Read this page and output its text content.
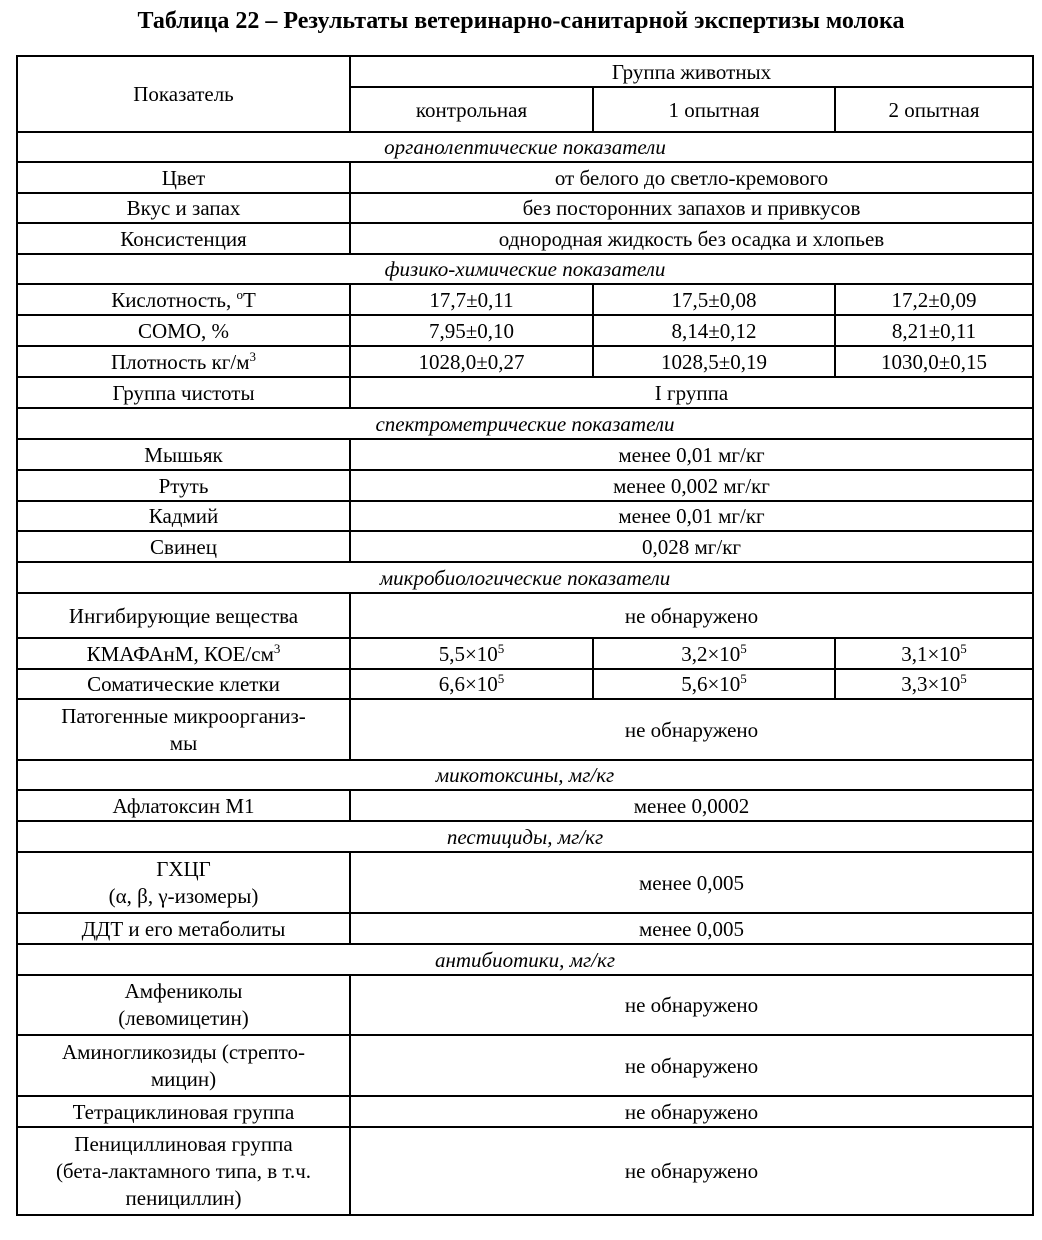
Таблица 22 – Результаты ветеринарно-санитарной экспертизы молока
Показатель	Группа животных		
	контрольная	1 опытная	2 опытная
органолептические показатели			
Цвет	от белого до светло-кремового		
Вкус и запах	без посторонних запахов и привкусов		
Консистенция	однородная жидкость без осадка и хлопьев		
физико-химические показатели			
Кислотность, $^о$Т	17,7±0,11	17,5±0,08	17,2±0,09
СОМО, %	7,95±0,10	8,14±0,12	8,21±0,11
Плотность $кг/м^3$	1028,0±0,27	1028,5±0,19	1030,0±0,15
Группа чистоты	I группа		
спектрометрические показатели			
Мышьяк	менее 0,01 мг/кг		
Ртуть	менее 0,002 мг/кг		
Кадмий	менее 0,01 мг/кг		
Свинец	0,028 мг/кг		
микробиологические показатели			
Ингибирующие вещества	не обнаружено		
КМАФАнМ, КОЕ/$см^3$	$5,5\times 10^5$	$3,2\times 10^5$	$3,1\times 10^5$
Соматические клетки	$6,6\times 10^5$	$5,6\times 10^5$	$3,3\times 10^5$
Патогенные микроорганиз-
мы	не обнаружено		
микотоксины, мг/кг			
Афлатоксин М1	менее 0,0002		
пестициды, мг/кг			
ГХЦГ
(α, β, γ-изомеры)	менее 0,005		
ДДТ и его метаболиты	менее 0,005		
антибиотики, мг/кг			
Амфениколы
(левомицетин)	не обнаружено		
Аминогликозиды (стрепто-
мицин)	не обнаружено		
Тетрациклиновая группа	не обнаружено		
Пенициллиновая группа
(бета-лактамного типа, в т.ч.
пенициллин)	не обнаружено		
